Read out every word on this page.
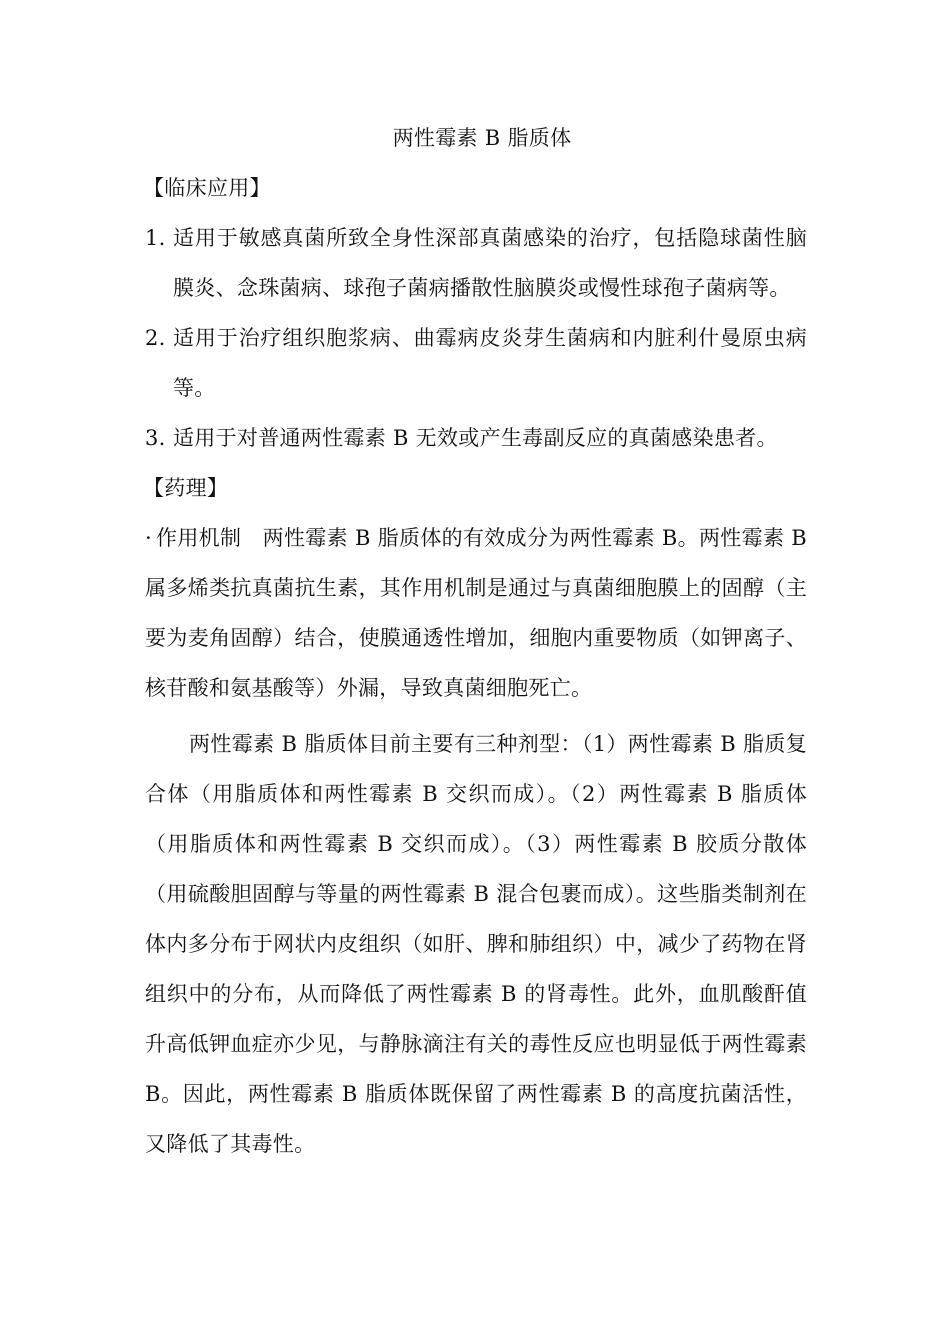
两性霉素 B 脂质体

【临床应用】

1. 适用于敏感真菌所致全身性深部真菌感染的治疗，包括隐球菌性脑膜炎、念珠菌病、球孢子菌病播散性脑膜炎或慢性球孢子菌病等。
2. 适用于治疗组织胞浆病、曲霉病皮炎芽生菌病和内脏利什曼原虫病等。
3. 适用于对普通两性霉素 B 无效或产生毒副反应的真菌感染患者。

【药理】

· 作用机制  两性霉素 B 脂质体的有效成分为两性霉素 B。两性霉素 B 属多烯类抗真菌抗生素，其作用机制是通过与真菌细胞膜上的固醇（主要为麦角固醇）结合，使膜通透性增加，细胞内重要物质（如钾离子、核苷酸和氨基酸等）外漏，导致真菌细胞死亡。

两性霉素 B 脂质体目前主要有三种剂型：（1）两性霉素 B 脂质复合体（用脂质体和两性霉素 B 交织而成）。（2）两性霉素 B 脂质体（用脂质体和两性霉素 B 交织而成）。（3）两性霉素 B 胶质分散体（用硫酸胆固醇与等量的两性霉素 B 混合包裹而成）。这些脂类制剂在体内多分布于网状内皮组织（如肝、脾和肺组织）中，减少了药物在肾组织中的分布，从而降低了两性霉素 B 的肾毒性。此外，血肌酸酐值升高低钾血症亦少见，与静脉滴注有关的毒性反应也明显低于两性霉素 B。因此，两性霉素 B 脂质体既保留了两性霉素 B 的高度抗菌活性，又降低了其毒性。
